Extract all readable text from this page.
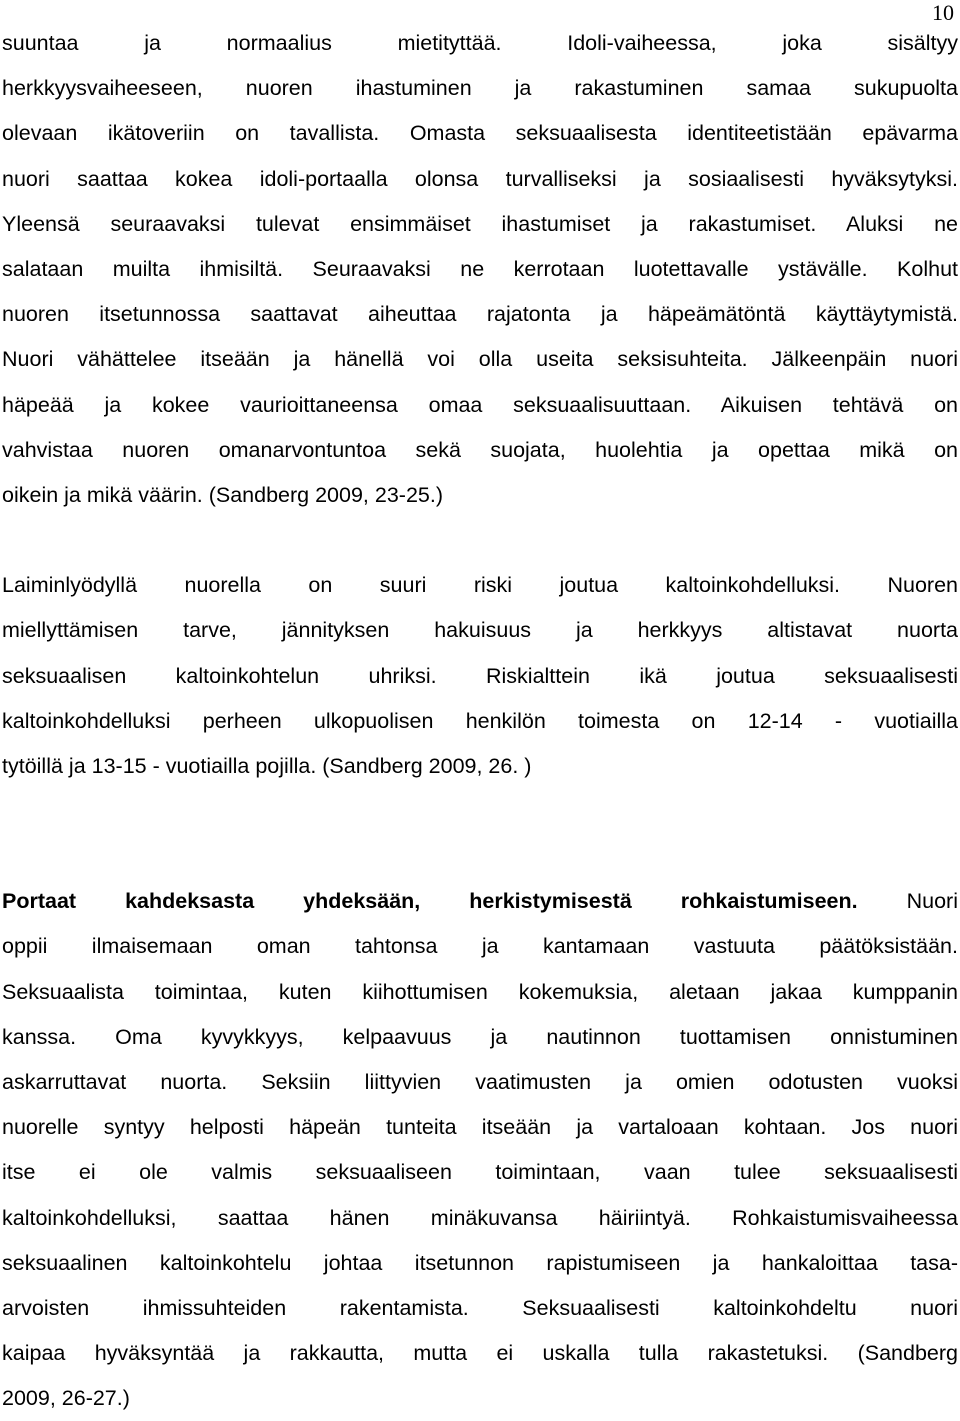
10
suuntaa ja normaalius mietityttää. Idoli-vaiheessa, joka sisältyy
herkkyysvaiheeseen, nuoren ihastuminen ja rakastuminen samaa sukupuolta
olevaan ikätoveriin on tavallista. Omasta seksuaalisesta identiteetistään epävarma
nuori saattaa kokea idoli-portaalla olonsa turvalliseksi ja sosiaalisesti hyväksytyksi.
Yleensä seuraavaksi tulevat ensimmäiset ihastumiset ja rakastumiset. Aluksi ne
salataan muilta ihmisiltä. Seuraavaksi ne kerrotaan luotettavalle ystävälle. Kolhut
nuoren itsetunnossa saattavat aiheuttaa rajatonta ja häpeämätöntä käyttäytymistä.
Nuori vähättelee itseään ja hänellä voi olla useita seksisuhteita. Jälkeenpäin nuori
häpeää ja kokee vaurioittaneensa omaa seksuaalisuuttaan. Aikuisen tehtävä on
vahvistaa nuoren omanarvontuntoa sekä suojata, huolehtia ja opettaa mikä on
oikein ja mikä väärin. (Sandberg 2009, 23-25.)
Laiminlyödyllä nuorella on suuri riski joutua kaltoinkohdelluksi. Nuoren
miellyttämisen tarve, jännityksen hakuisuus ja herkkyys altistavat nuorta
seksuaalisen kaltoinkohtelun uhriksi. Riskialttein ikä joutua seksuaalisesti
kaltoinkohdelluksi perheen ulkopuolisen henkilön toimesta on 12-14 - vuotiailla
tytöillä ja 13-15 - vuotiailla pojilla. (Sandberg 2009, 26. )
Portaat kahdeksasta yhdeksään, herkistymisestä rohkaistumiseen. Nuori
oppii ilmaisemaan oman tahtonsa ja kantamaan vastuuta päätöksistään.
Seksuaalista toimintaa, kuten kiihottumisen kokemuksia, aletaan jakaa kumppanin
kanssa. Oma kyvykkyys, kelpaavuus ja nautinnon tuottamisen onnistuminen
askarruttavat nuorta. Seksiin liittyvien vaatimusten ja omien odotusten vuoksi
nuorelle syntyy helposti häpeän tunteita itseään ja vartaloaan kohtaan. Jos nuori
itse ei ole valmis seksuaaliseen toimintaan, vaan tulee seksuaalisesti
kaltoinkohdelluksi, saattaa hänen minäkuvansa häiriintyä. Rohkaistumisvaiheessa
seksuaalinen kaltoinkohtelu johtaa itsetunnon rapistumiseen ja hankaloittaa tasa-
arvoisten ihmissuhteiden rakentamista. Seksuaalisesti kaltoinkohdeltu nuori
kaipaa hyväksyntää ja rakkautta, mutta ei uskalla tulla rakastetuksi. (Sandberg
2009, 26-27.)
